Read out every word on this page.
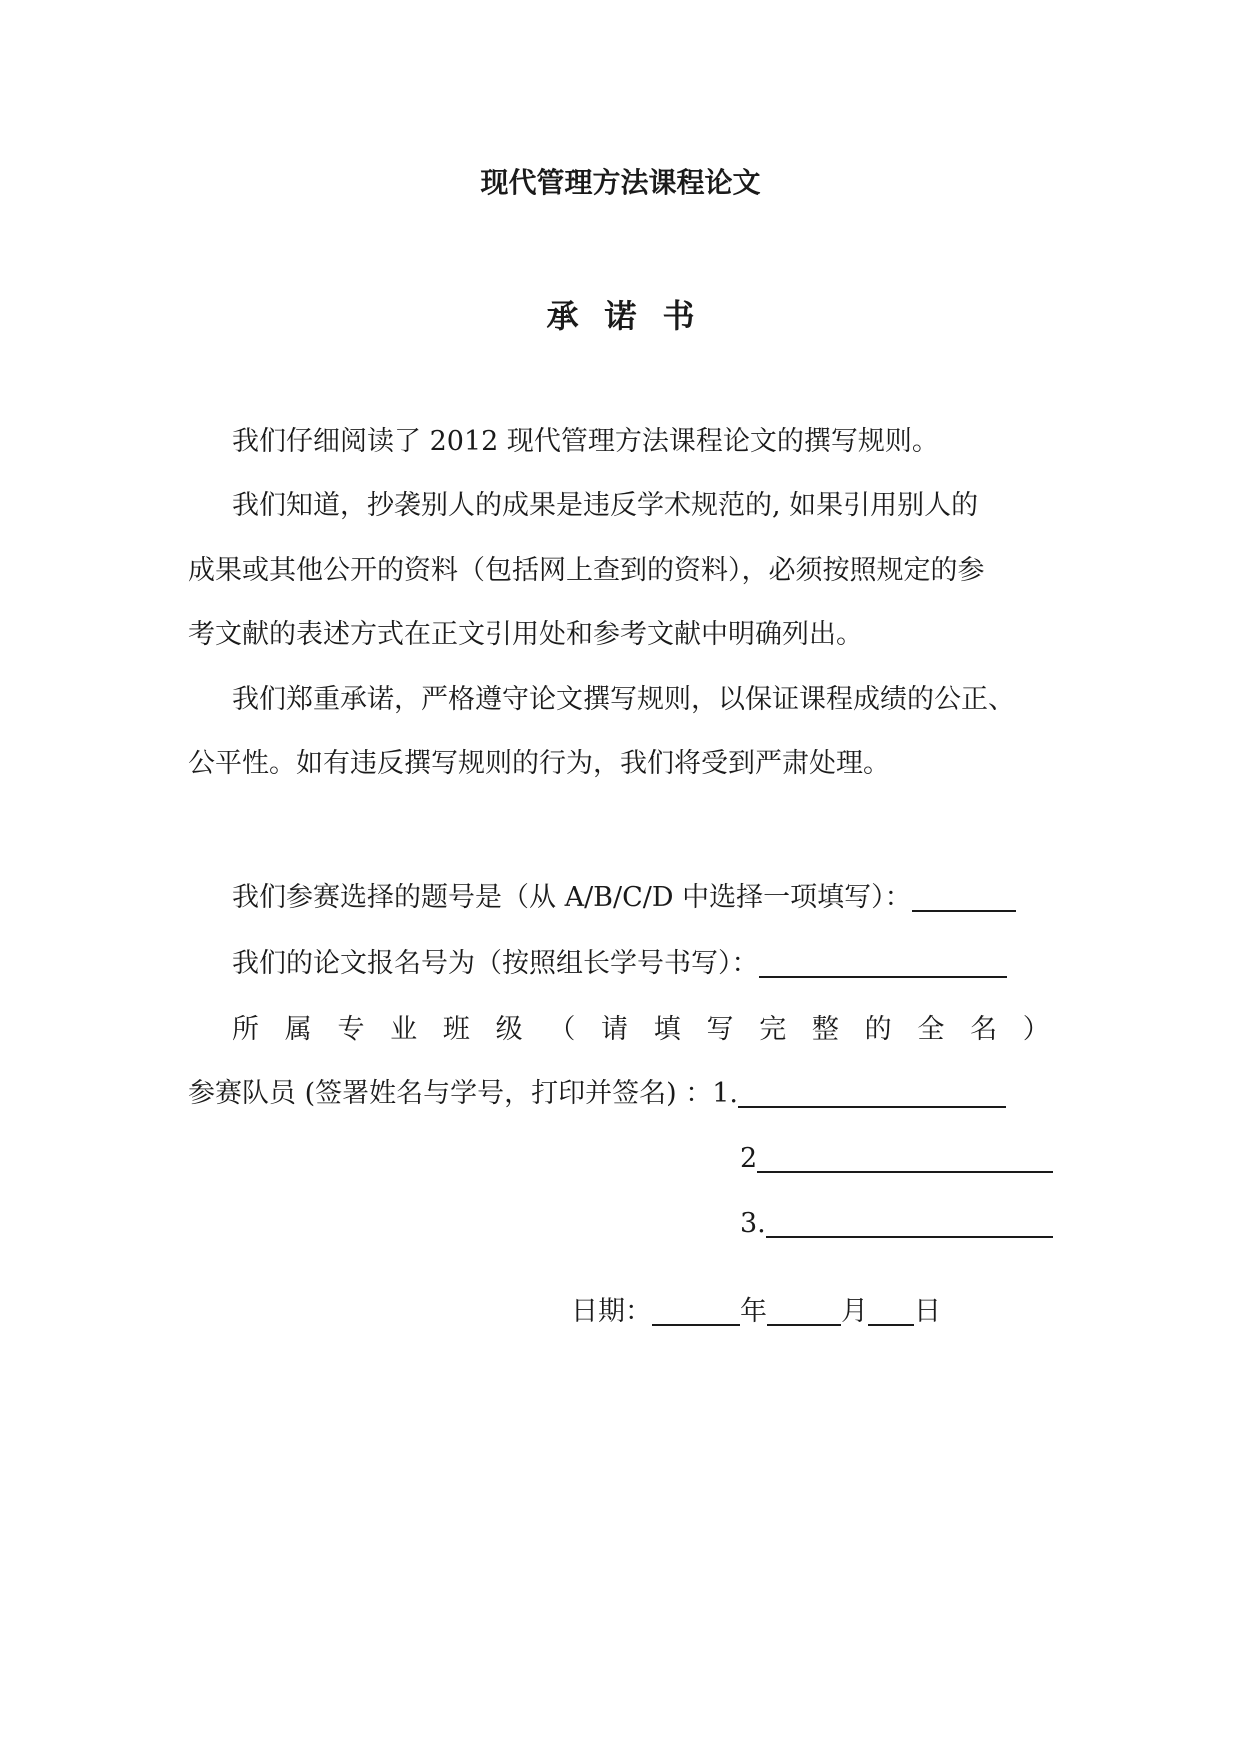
现代管理方法课程论文
承诺书
我们仔细阅读了 2012 现代管理方法课程论文的撰写规则。
我们知道，抄袭别人的成果是违反学术规范的, 如果引用别人的
成果或其他公开的资料（包括网上查到的资料），必须按照规定的参
考文献的表述方式在正文引用处和参考文献中明确列出。
我们郑重承诺，严格遵守论文撰写规则，以保证课程成绩的公正、
公平性。如有违反撰写规则的行为，我们将受到严肃处理。
我们参赛选择的题号是（从 A/B/C/D 中选择一项填写）：
我们的论文报名号为（按照组长学号书写）：
所 属 专 业 班 级 （ 请 填 写 完 整 的 全 名 ）
参赛队员 (签署姓名与学号，打印并签名) ：1.
2
3.
日期：	年	月 日
